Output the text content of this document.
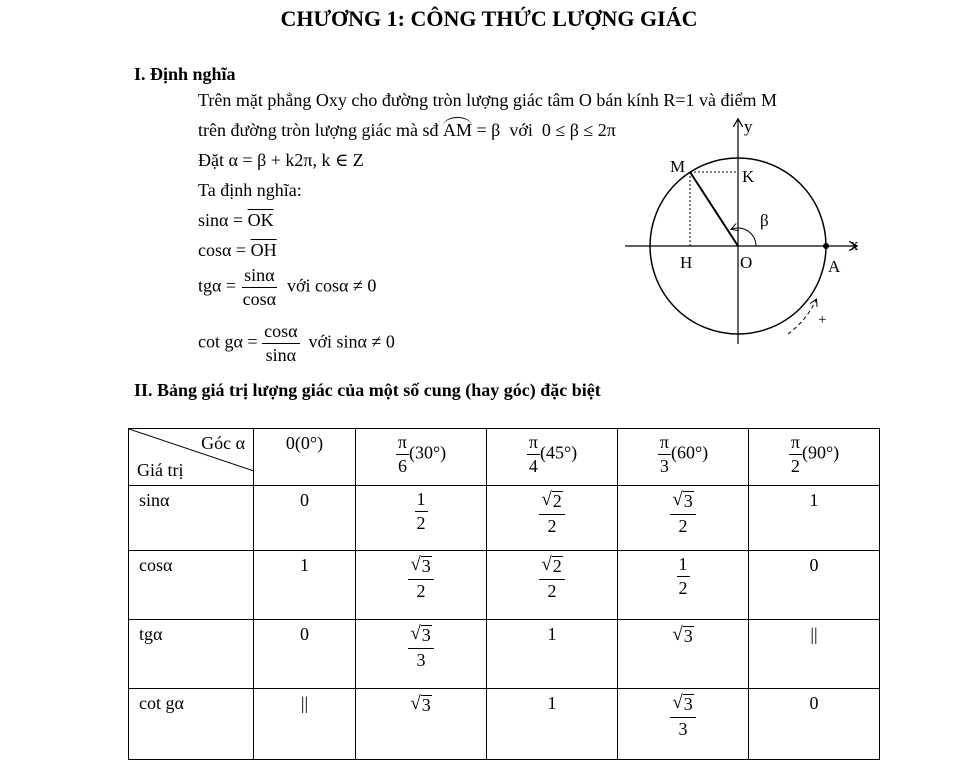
CHƯƠNG 1: CÔNG THỨC LƯỢNG GIÁC
I. Định nghĩa
Trên mặt phẳng Oxy cho đường tròn lượng giác tâm O bán kính R=1 và điểm M
trên đường tròn lượng giác mà sđ AM = β với 0 ≤ β ≤ 2π
Đặt α = β + k2π, k ∈ Z
Ta định nghĩa:
$\sin\alpha = \overline{OK}$
$\cos\alpha = \overline{OH}$
$tg\alpha = \frac{\sin\alpha}{\cos\alpha}$ với cosα ≠ 0
$\cot g\alpha = \frac{\cos\alpha}{\sin\alpha}$ với sinα ≠ 0
M
K
H	O	A
β
y
x
+
II. Bảng giá trị lượng giác của một số cung (hay góc) đặc biệt
Góc α
Giá trị	0(0°)	$\frac{\pi}{6} (30^\circ)$	$\frac{\pi}{4} (45^\circ)$	$\frac{\pi}{3} (60^\circ)$	$\frac{\pi}{2} (90^\circ)$
sinα	0	$\frac{1}{2}$	$\frac{√ 2}{2}$	$\frac{√ 3}{2}$	1
cosα	1	$\frac{√ 3}{2}$	$\frac{√ 2}{2}$	$\frac{1}{2}$	0
tgα	0	$\frac{√ 3}{3}$	1	√ 3	||
cot gα	||	√ 3	1	$\frac{√ 3}{3}$	0
